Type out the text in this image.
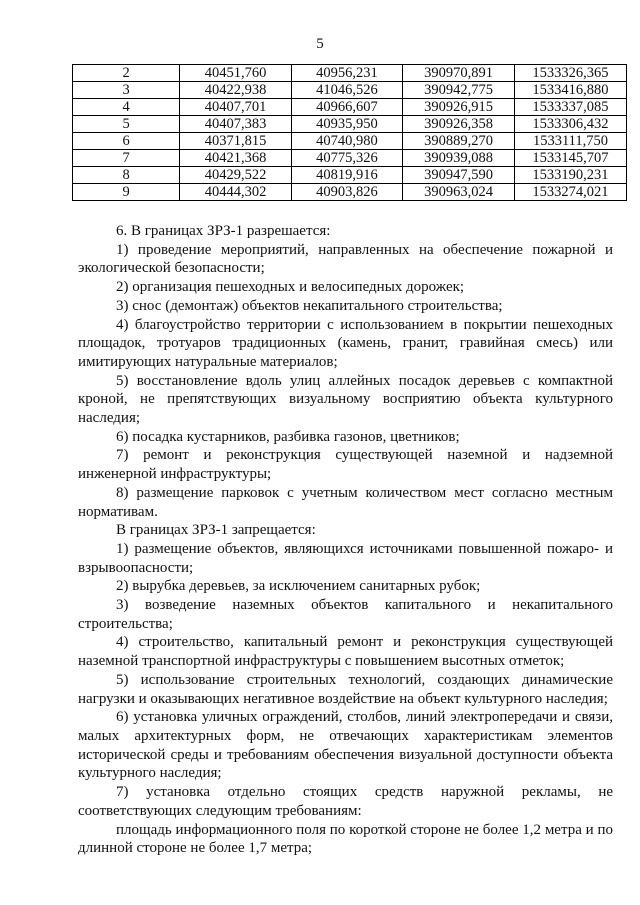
5
2	40451,760	40956,231	390970,891	1533326,365
3	40422,938	41046,526	390942,775	1533416,880
4	40407,701	40966,607	390926,915	1533337,085
5	40407,383	40935,950	390926,358	1533306,432
6	40371,815	40740,980	390889,270	1533111,750
7	40421,368	40775,326	390939,088	1533145,707
8	40429,522	40819,916	390947,590	1533190,231
9	40444,302	40903,826	390963,024	1533274,021

6. В границах ЗРЗ-1 разрешается:

1) проведение мероприятий, направленных на обеспечение пожарной и экологической безопасности;

2) организация пешеходных и велосипедных дорожек;

3) снос (демонтаж) объектов некапитального строительства;

4) благоустройство территории с использованием в покрытии пешеходных площадок, тротуаров традиционных (камень, гранит, гравийная смесь) или имитирующих натуральные материалов;

5) восстановление вдоль улиц аллейных посадок деревьев с компактной кроной, не препятствующих визуальному восприятию объекта культурного наследия;

6) посадка кустарников, разбивка газонов, цветников;

7) ремонт и реконструкция существующей наземной и надземной инженерной инфраструктуры;

8) размещение парковок с учетным количеством мест согласно местным нормативам.

В границах ЗРЗ-1 запрещается:

1) размещение объектов, являющихся источниками повышенной пожаро- и взрывоопасности;

2) вырубка деревьев, за исключением санитарных рубок;

3) возведение наземных объектов капитального и некапитального строительства;

4) строительство, капитальный ремонт и реконструкция существующей наземной транспортной инфраструктуры с повышением высотных отметок;

5) использование строительных технологий, создающих динамические нагрузки и оказывающих негативное воздействие на объект культурного наследия;

6) установка уличных ограждений, столбов, линий электропередачи и связи, малых архитектурных форм, не отвечающих характеристикам элементов исторической среды и требованиям обеспечения визуальной доступности объекта культурного наследия;

7) установка отдельно стоящих средств наружной рекламы, не соответствующих следующим требованиям:

площадь информационного поля по короткой стороне не более 1,2 метра и по длинной стороне не более 1,7 метра;
